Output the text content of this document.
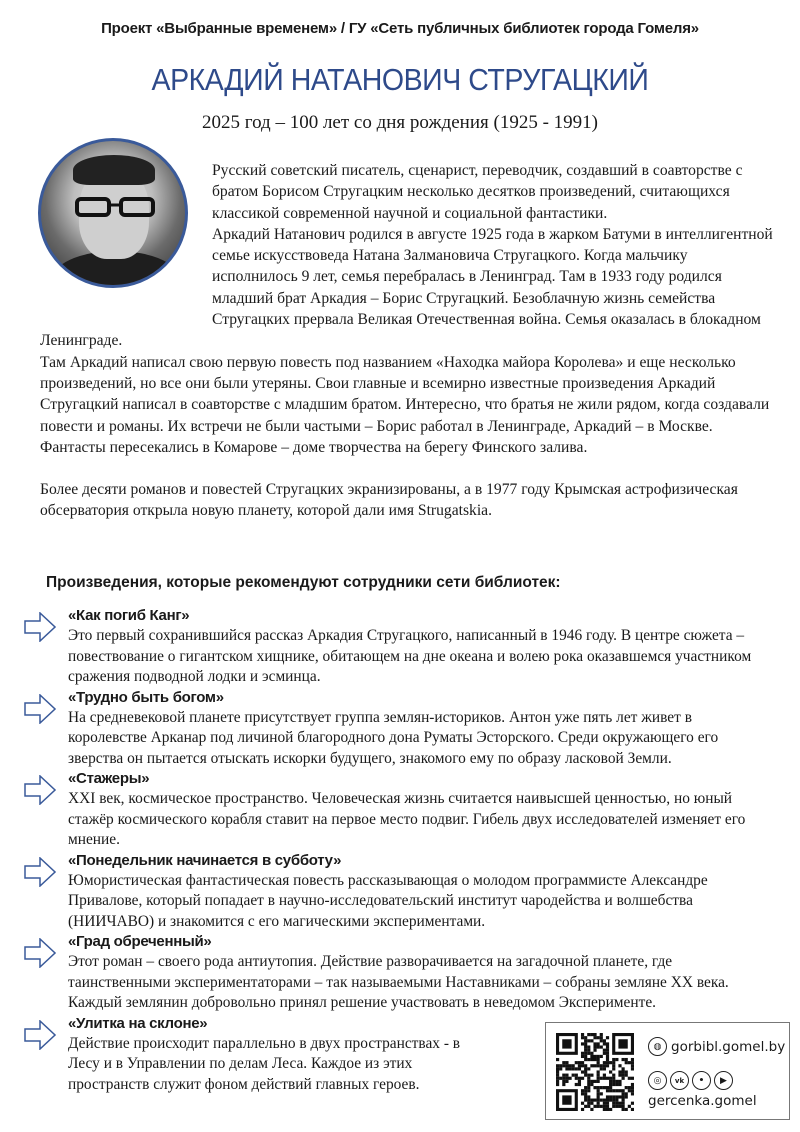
Проект «Выбранные временем» / ГУ «Сеть публичных библиотек города Гомеля»
АРКАДИЙ НАТАНОВИЧ СТРУГАЦКИЙ
2025 год – 100 лет со дня рождения (1925 - 1991)

Русский советский писатель, сценарист, переводчик, создавший в соавторстве с братом Борисом Стругацким несколько десятков произведений, считающихся классикой современной научной и социальной фантастики.

Аркадий Натанович родился в августе 1925 года в жарком Батуми в интеллигентной семье искусствоведа Натана Залмановича Стругацкого. Когда мальчику исполнилось 9 лет, семья перебралась в Ленинград. Там в 1933 году родился младший брат Аркадия – Борис Стругацкий. Безоблачную жизнь семейства Стругацких прервала Великая Отечественная война. Семья оказалась в блокадном Ленинграде.

Там Аркадий написал свою первую повесть под названием «Находка майора Королева» и еще несколько произведений, но все они были утеряны. Свои главные и всемирно известные произведения Аркадий Стругацкий написал в соавторстве с младшим братом. Интересно, что братья не жили рядом, когда создавали повести и романы. Их встречи не были частыми – Борис работал в Ленинграде, Аркадий – в Москве. Фантасты пересекались в Комарове – доме творчества на берегу Финского залива.

Более десяти романов и повестей Стругацких экранизированы, а в 1977 году Крымская астрофизическая обсерватория открыла новую планету, которой дали имя Strugatskia.

Произведения, которые рекомендуют сотрудники сети библиотек:
«Как погиб Канг»
Это первый сохранившийся рассказ Аркадия Стругацкого, написанный в 1946 году. В центре сюжета – повествование о гигантском хищнике, обитающем на дне океана и волею рока оказавшемся участником сражения подводной лодки и эсминца.
«Трудно быть богом»
На средневековой планете присутствует группа землян-историков. Антон уже пять лет живет в королевстве Арканар под личиной благородного дона Руматы Эсторского. Среди окружающего его зверства он пытается отыскать искорки будущего, знакомого ему по образу ласковой Земли.
«Стажеры»
XXI век, космическое пространство. Человеческая жизнь считается наивысшей ценностью, но юный стажёр космического корабля ставит на первое место подвиг. Гибель двух исследователей изменяет его мнение.
«Понедельник начинается в субботу»
Юмористическая фантастическая повесть рассказывающая о молодом программисте Александре Привалове, который попадает в научно-исследовательский институт чародейства и волшебства (НИИЧАВО) и знакомится с его магическими экспериментами.
«Град обреченный»
Этот роман – своего рода антиутопия. Действие разворачивается на загадочной планете, где таинственными экспериментаторами – так называемыми Наставниками – собраны земляне XX века. Каждый землянин добровольно принял решение участвовать в неведомом Эксперименте.
«Улитка на склоне»
Действие происходит параллельно в двух пространствах - в Лесу и в Управлении по делам Леса. Каждое из этих пространств служит фоном действий главных героев.
◍ gorbibl.gomel.by
◎	vk	ꔷ	▶
gercenka.gomel
